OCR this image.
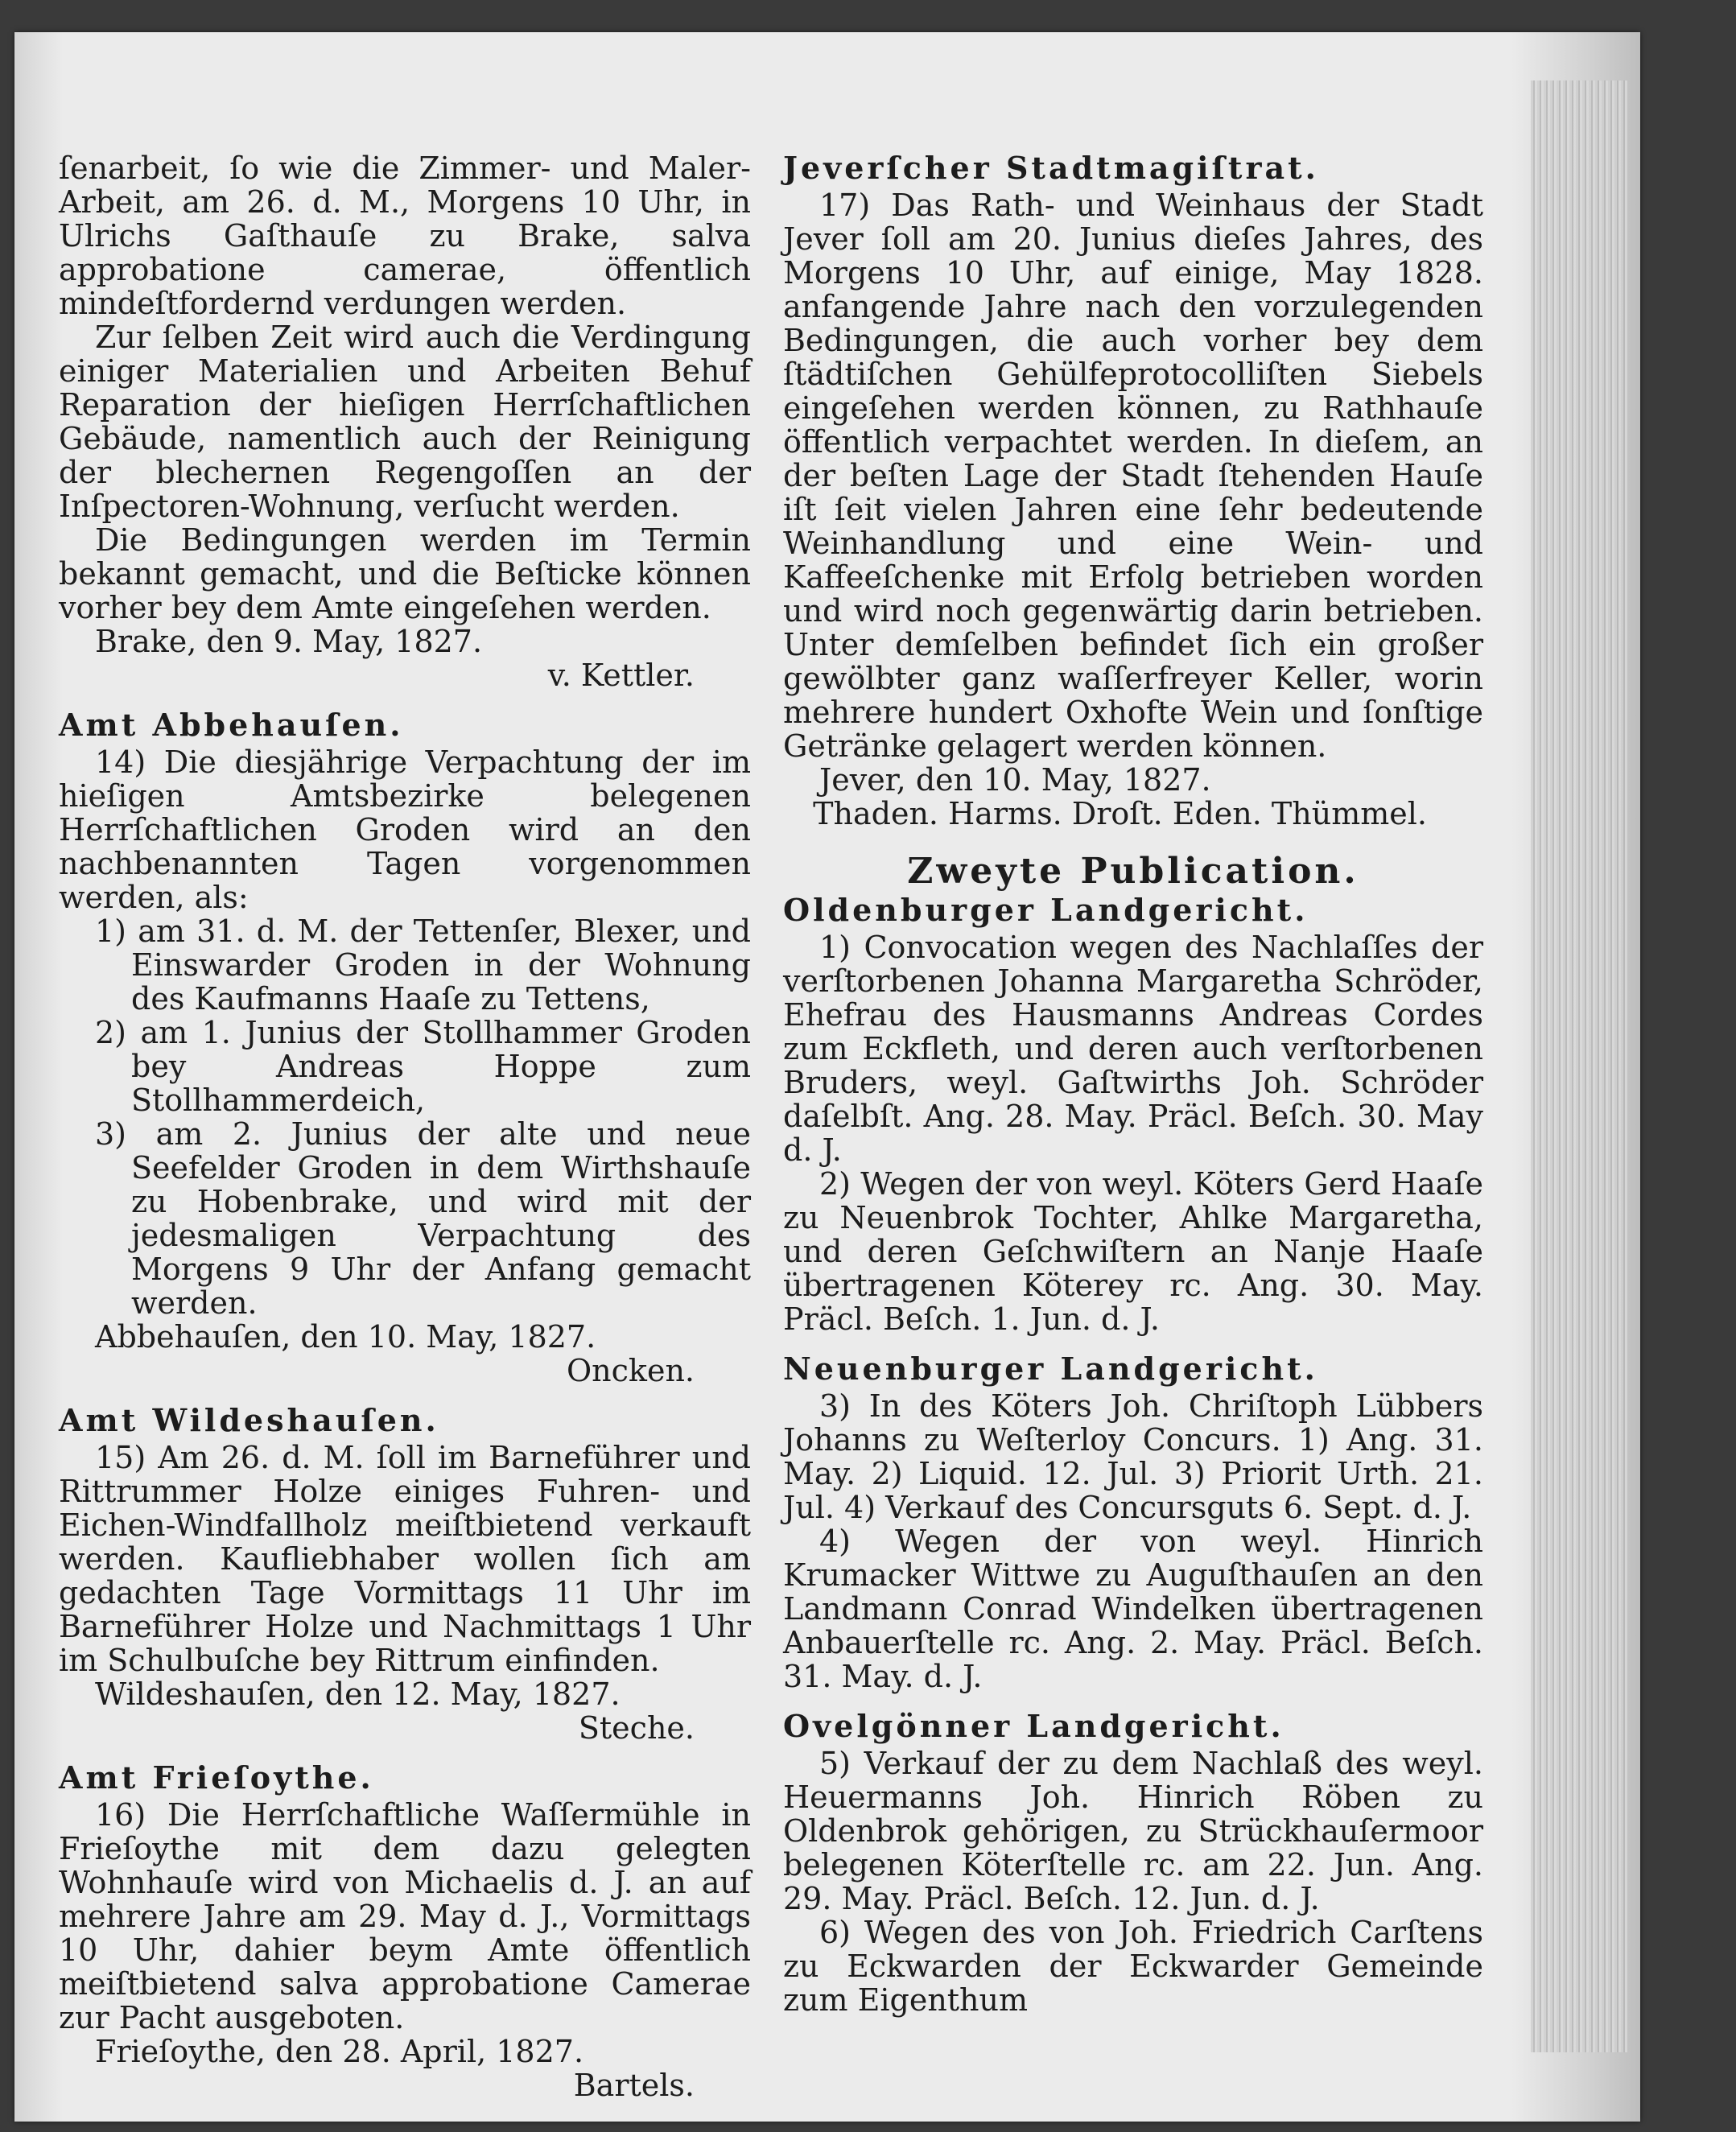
ſenarbeit, ſo wie die Zimmer- und Maler-Arbeit, am 26. d. M., Morgens 10 Uhr, in Ulrichs Gaſthauſe zu Brake, salva approbatione camerae, öffentlich mindeſtfordernd verdungen werden.

Zur ſelben Zeit wird auch die Verdingung einiger Materialien und Arbeiten Behuf Reparation der hieſigen Herrſchaftlichen Gebäude, namentlich auch der Reinigung der blechernen Regengoſſen an der Inſpectoren-Wohnung, verſucht werden.

Die Bedingungen werden im Termin bekannt gemacht, und die Beſticke können vorher bey dem Amte eingeſehen werden.

Brake, den 9. May, 1827.

v. Kettler.

Amt Abbehauſen.

14) Die diesjährige Verpachtung der im hieſigen Amtsbezirke belegenen Herrſchaftlichen Groden wird an den nachbenannten Tagen vorgenommen werden, als:

1) am 31. d. M. der Tettenſer, Blexer, und Einswarder Groden in der Wohnung des Kaufmanns Haaſe zu Tettens,

2) am 1. Junius der Stollhammer Groden bey Andreas Hoppe zum Stollhammerdeich,

3) am 2. Junius der alte und neue Seefelder Groden in dem Wirthshauſe zu Hobenbrake, und wird mit der jedesmaligen Verpachtung des Morgens 9 Uhr der Anfang gemacht werden.

Abbehauſen, den 10. May, 1827.

Oncken.

Amt Wildeshauſen.

15) Am 26. d. M. ſoll im Barneführer und Rittrummer Holze einiges Fuhren- und Eichen-Windfallholz meiſtbietend verkauft werden. Kaufliebhaber wollen ſich am gedachten Tage Vormittags 11 Uhr im Barneführer Holze und Nachmittags 1 Uhr im Schulbuſche bey Rittrum einfinden.

Wildeshauſen, den 12. May, 1827.

Steche.

Amt Frieſoythe.

16) Die Herrſchaftliche Waſſermühle in Frieſoythe mit dem dazu gelegten Wohnhauſe wird von Michaelis d. J. an auf mehrere Jahre am 29. May d. J., Vormittags 10 Uhr, dahier beym Amte öffentlich meiſtbietend salva approbatione Camerae zur Pacht ausgeboten.

Frieſoythe, den 28. April, 1827.

Bartels.

Jeverſcher Stadtmagiſtrat.

17) Das Rath- und Weinhaus der Stadt Jever ſoll am 20. Junius dieſes Jahres, des Morgens 10 Uhr, auf einige, May 1828. anfangende Jahre nach den vorzulegenden Bedingungen, die auch vorher bey dem ſtädtiſchen Gehülfeprotocolliſten Siebels eingeſehen werden können, zu Rathhauſe öffentlich verpachtet werden. In dieſem, an der beſten Lage der Stadt ſtehenden Hauſe iſt ſeit vielen Jahren eine ſehr bedeutende Weinhandlung und eine Wein- und Kaffeeſchenke mit Erfolg betrieben worden und wird noch gegenwärtig darin betrieben. Unter demſelben befindet ſich ein großer gewölbter ganz waſſerfreyer Keller, worin mehrere hundert Oxhofte Wein und ſonſtige Getränke gelagert werden können.

Jever, den 10. May, 1827.

Thaden. Harms. Droſt. Eden. Thümmel.

Zweyte Publication.

Oldenburger Landgericht.

1) Convocation wegen des Nachlaſſes der verſtorbenen Johanna Margaretha Schröder, Ehefrau des Hausmanns Andreas Cordes zum Eckfleth, und deren auch verſtorbenen Bruders, weyl. Gaſtwirths Joh. Schröder daſelbſt. Ang. 28. May. Präcl. Beſch. 30. May d. J.

2) Wegen der von weyl. Köters Gerd Haaſe zu Neuenbrok Tochter, Ahlke Margaretha, und deren Geſchwiſtern an Nanje Haaſe übertragenen Köterey rc. Ang. 30. May. Präcl. Beſch. 1. Jun. d. J.

Neuenburger Landgericht.

3) In des Köters Joh. Chriſtoph Lübbers Johanns zu Weſterloy Concurs. 1) Ang. 31. May. 2) Liquid. 12. Jul. 3) Priorit Urth. 21. Jul. 4) Verkauf des Concursguts 6. Sept. d. J.

4) Wegen der von weyl. Hinrich Krumacker Wittwe zu Auguſthauſen an den Landmann Conrad Windelken übertragenen Anbauerſtelle rc. Ang. 2. May. Präcl. Beſch. 31. May. d. J.

Ovelgönner Landgericht.

5) Verkauf der zu dem Nachlaß des weyl. Heuermanns Joh. Hinrich Röben zu Oldenbrok gehörigen, zu Strückhauſermoor belegenen Köterſtelle rc. am 22. Jun. Ang. 29. May. Präcl. Beſch. 12. Jun. d. J.

6) Wegen des von Joh. Friedrich Carſtens zu Eckwarden der Eckwarder Gemeinde zum Eigenthum
